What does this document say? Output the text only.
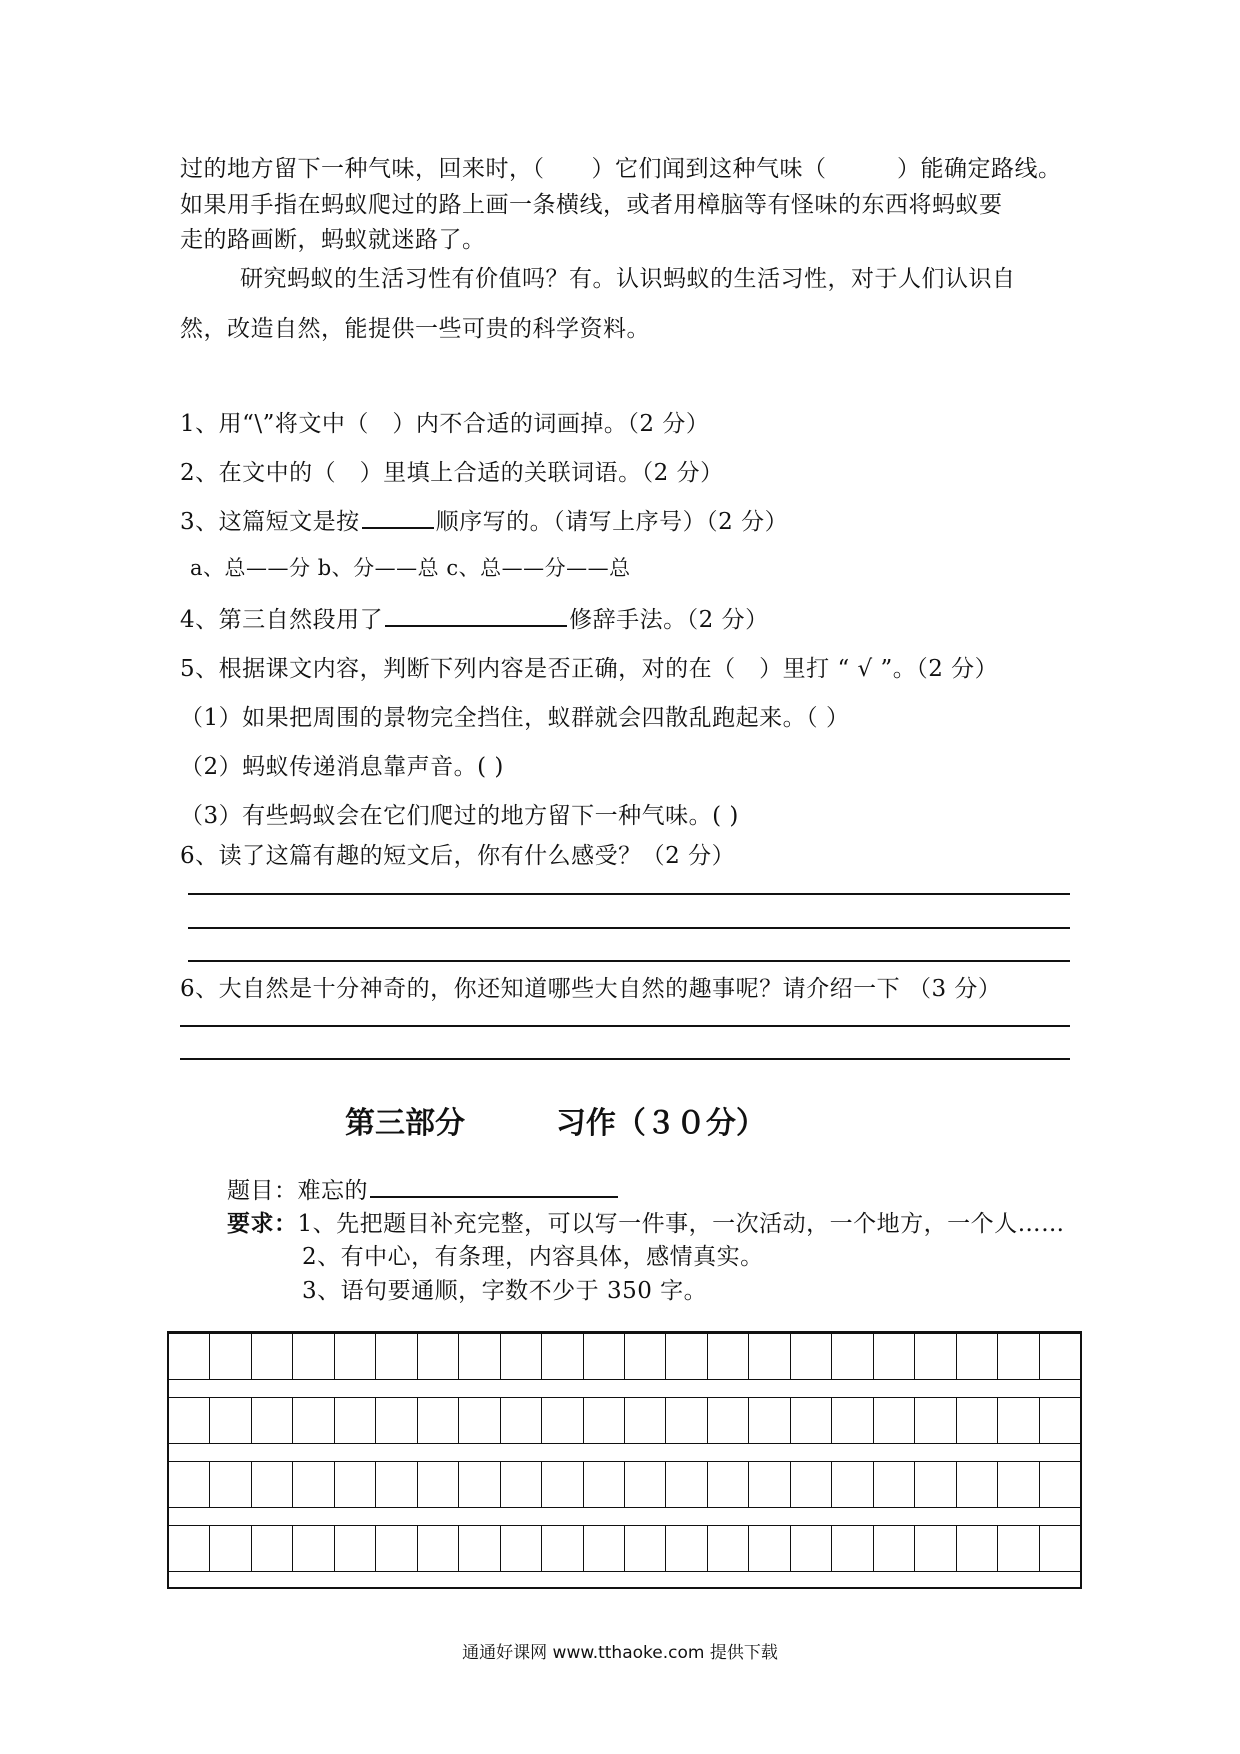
过的地方留下一种气味，回来时，（　　）它们闻到这种气味（　　　）能确定路线。
如果用手指在蚂蚁爬过的路上画一条横线，或者用樟脑等有怪味的东西将蚂蚁要
走的路画断，蚂蚁就迷路了。
研究蚂蚁的生活习性有价值吗？有。认识蚂蚁的生活习性，对于人们认识自
然，改造自然，能提供一些可贵的科学资料。
1、用“\”将文中（　）内不合适的词画掉。（2 分）
2、在文中的（　）里填上合适的关联词语。（2 分）
3、这篇短文是按	顺序写的。（请写上序号）（2 分）
a、总——分 b、分——总 c、总——分——总
4、第三自然段用了	修辞手法。（2 分）
5、根据课文内容，判断下列内容是否正确，对的在（　）里打 “ √ ”。（2 分）
（1）如果把周围的景物完全挡住，蚁群就会四散乱跑起来。（ ）
（2）蚂蚁传递消息靠声音。( )
（3）有些蚂蚁会在它们爬过的地方留下一种气味。( )
6、读了这篇有趣的短文后，你有什么感受？（2 分）
6、大自然是十分神奇的，你还知道哪些大自然的趣事呢？请介绍一下 （3 分）
第三部分	习作（３０分）
题目：难忘的
要求：1、先把题目补充完整，可以写一件事，一次活动，一个地方，一个人……
2、有中心，有条理，内容具体，感情真实。
3、语句要通顺，字数不少于 350 字。
通通好课网 www.tthaoke.com 提供下载
